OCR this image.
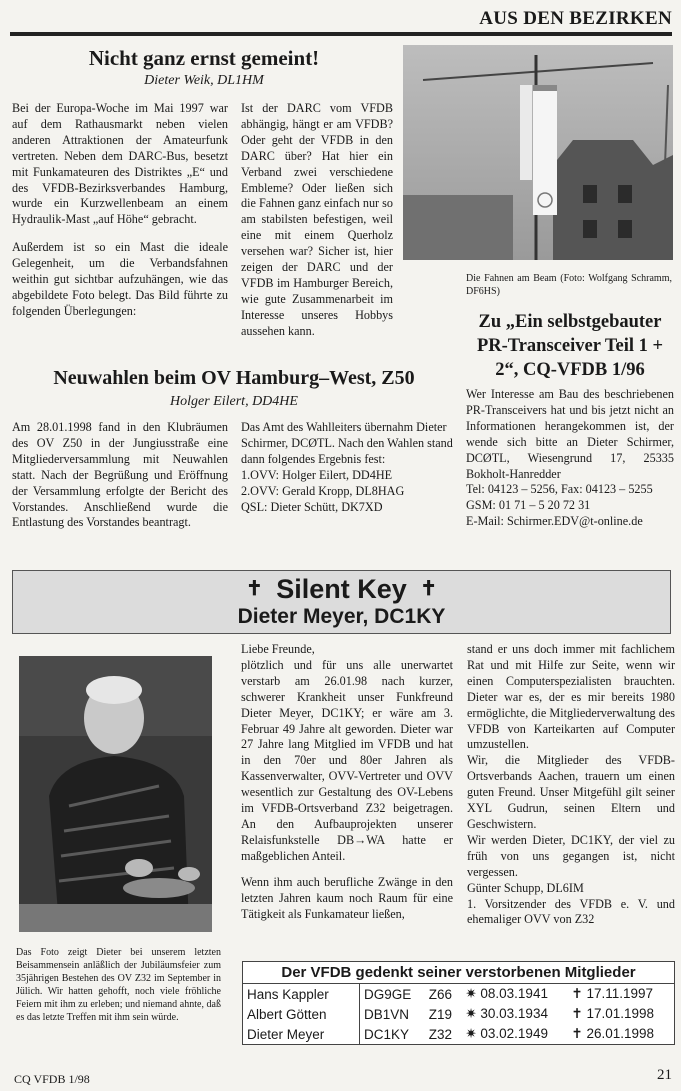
AUS DEN BEZIRKEN
Nicht ganz ernst gemeint!
Dieter Weik, DL1HM

Bei der Europa-Woche im Mai 1997 war auf dem Rathausmarkt neben vielen anderen Attraktionen der Amateurfunk vertreten. Neben dem DARC-Bus, besetzt mit Funkamateuren des Distriktes „E“ und des VFDB-Bezirksverbandes Hamburg, wurde ein Kurzwellenbeam an einem Hydraulik-Mast „auf Höhe“ gebracht.

Außerdem ist so ein Mast die ideale Gelegenheit, um die Verbandsfahnen weithin gut sichtbar aufzuhängen, wie das abgebildete Foto belegt. Das Bild führte zu folgenden Überlegungen:

Ist der DARC vom VFDB abhängig, hängt er am VFDB? Oder geht der VFDB in den DARC über? Hat hier ein Verband zwei verschiedene Embleme? Oder ließen sich die Fahnen ganz einfach nur so am stabilsten befestigen, weil eine mit einem Querholz versehen war? Sicher ist, hier zeigen der DARC und der VFDB im Hamburger Bereich, wie gute Zusammenarbeit im Interesse unseres Hobbys aussehen kann.

Die Fahnen am Beam (Foto: Wolfgang Schramm, DF6HS)
Zu „Ein selbstgebauter PR-Transceiver Teil 1 + 2“, CQ-VFDB 1/96

Wer Interesse am Bau des beschriebenen PR-Transceivers hat und bis jetzt nicht an Informationen herangekommen ist, der wende sich bitte an Dieter Schirmer, DCØTL, Wiesengrund 17, 25335 Bokholt-Hanredder

Tel: 04123 – 5256, Fax: 04123 – 5255
GSM: 01 71 – 5 20 72 31
E-Mail: Schirmer.EDV@t-online.de
Neuwahlen beim OV Hamburg–West, Z50
Holger Eilert, DD4HE

Am 28.01.1998 fand in den Klubräumen des OV Z50 in der Jungiusstraße eine Mitgliederversammlung mit Neuwahlen statt. Nach der Begrüßung und Eröffnung der Versammlung erfolgte der Bericht des Vorstandes. Anschließend wurde die Entlastung des Vorstandes beantragt.

Das Amt des Wahlleiters übernahm Dieter Schirmer, DCØTL. Nach den Wahlen stand dann folgendes Ergebnis fest:

1.OVV: Holger Eilert, DD4HE
2.OVV: Gerald Kropp, DL8HAG
QSL: Dieter Schütt, DK7XD
✝ Silent Key ✝
Dieter Meyer, DC1KY
Liebe Freunde,
plötzlich und für uns alle unerwartet verstarb am 26.01.98 nach kurzer, schwerer Krankheit unser Funkfreund Dieter Meyer, DC1KY; er wäre am 3. Februar 49 Jahre alt geworden. Dieter war 27 Jahre lang Mitglied im VFDB und hat in den 70er und 80er Jahren als Kassenverwalter, OVV-Vertreter und OVV wesentlich zur Gestaltung des OV-Lebens im VFDB-Ortsverband Z32 beigetragen. An den Aufbauprojekten unserer Relaisfunkstelle DB→WA hatte er maßgeblichen Anteil.

Wenn ihm auch berufliche Zwänge in den letzten Jahren kaum noch Raum für eine Tätigkeit als Funkamateur ließen,

stand er uns doch immer mit fachlichem Rat und mit Hilfe zur Seite, wenn wir einen Computerspezialisten brauchten. Dieter war es, der es mir bereits 1980 ermöglichte, die Mitgliederverwaltung des VFDB von Karteikarten auf Computer umzustellen.
Wir, die Mitglieder des VFDB-Ortsverbands Aachen, trauern um einen guten Freund. Unser Mitgefühl gilt seiner XYL Gudrun, seinen Eltern und Geschwistern.
Wir werden Dieter, DC1KY, der viel zu früh von uns gegangen ist, nicht vergessen.
Günter Schupp, DL6IM
1. Vorsitzender des VFDB e. V. und ehemaliger OVV von Z32
Das Foto zeigt Dieter bei unserem letzten Beisammensein anläßlich der Jubiläumsfeier zum 35jährigen Bestehen des OV Z32 im September in Jülich. Wir hatten gehofft, noch viele fröhliche Feiern mit ihm zu erleben; und niemand ahnte, daß es das letzte Treffen mit ihm sein würde.
Der VFDB gedenkt seiner verstorbenen Mitglieder
Hans Kappler	DG9GE	Z66	✷ 08.03.1941	✝ 17.11.1997
Albert Götten	DB1VN	Z19	✷ 30.03.1934	✝ 17.01.1998
Dieter Meyer	DC1KY	Z32	✷ 03.02.1949	✝ 26.01.1998
CQ VFDB 1/98	21
